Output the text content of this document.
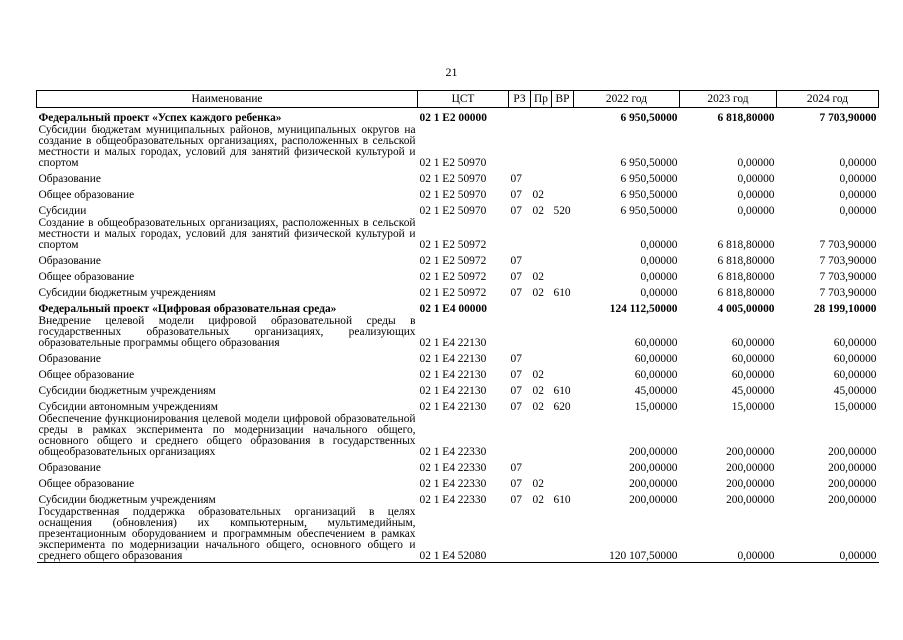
21
Наименование	ЦСТ	РЗ	Пр	ВР	2022 год	2023 год	2024 год
Федеральный проект «Успех каждого ребенка»	02 1 E2 00000				6 950,50000	6 818,80000	7 703,90000
Субсидии бюджетам муниципальных районов, муниципальных округов на создание в общеобразовательных организациях, расположенных в сельской местности и малых городах, условий для занятий физической культурой и спортом	02 1 E2 50970				6 950,50000	0,00000	0,00000
Образование	02 1 E2 50970	07			6 950,50000	0,00000	0,00000
Общее образование	02 1 E2 50970	07	02		6 950,50000	0,00000	0,00000
Субсидии	02 1 E2 50970	07	02	520	6 950,50000	0,00000	0,00000
Создание в общеобразовательных организациях, расположенных в сельской местности и малых городах, условий для занятий физической культурой и спортом	02 1 E2 50972				0,00000	6 818,80000	7 703,90000
Образование	02 1 E2 50972	07			0,00000	6 818,80000	7 703,90000
Общее образование	02 1 E2 50972	07	02		0,00000	6 818,80000	7 703,90000
Субсидии бюджетным учреждениям	02 1 E2 50972	07	02	610	0,00000	6 818,80000	7 703,90000
Федеральный проект «Цифровая образовательная среда»	02 1 E4 00000				124 112,50000	4 005,00000	28 199,10000
Внедрение целевой модели цифровой образовательной среды в государственных образовательных организациях, реализующих образовательные программы общего образования	02 1 E4 22130				60,00000	60,00000	60,00000
Образование	02 1 E4 22130	07			60,00000	60,00000	60,00000
Общее образование	02 1 E4 22130	07	02		60,00000	60,00000	60,00000
Субсидии бюджетным учреждениям	02 1 E4 22130	07	02	610	45,00000	45,00000	45,00000
Субсидии автономным учреждениям	02 1 E4 22130	07	02	620	15,00000	15,00000	15,00000
Обеспечение функционирования целевой модели цифровой образовательной среды в рамках эксперимента по модернизации начального общего, основного общего и среднего общего образования в государственных общеобразовательных организациях	02 1 E4 22330				200,00000	200,00000	200,00000
Образование	02 1 E4 22330	07			200,00000	200,00000	200,00000
Общее образование	02 1 E4 22330	07	02		200,00000	200,00000	200,00000
Субсидии бюджетным учреждениям	02 1 E4 22330	07	02	610	200,00000	200,00000	200,00000
Государственная поддержка образовательных организаций в целях оснащения (обновления) их компьютерным, мультимедийным, презентационным оборудованием и программным обеспечением в рамках эксперимента по модернизации начального общего, основного общего и среднего общего образования	02 1 E4 52080				120 107,50000	0,00000	0,00000
